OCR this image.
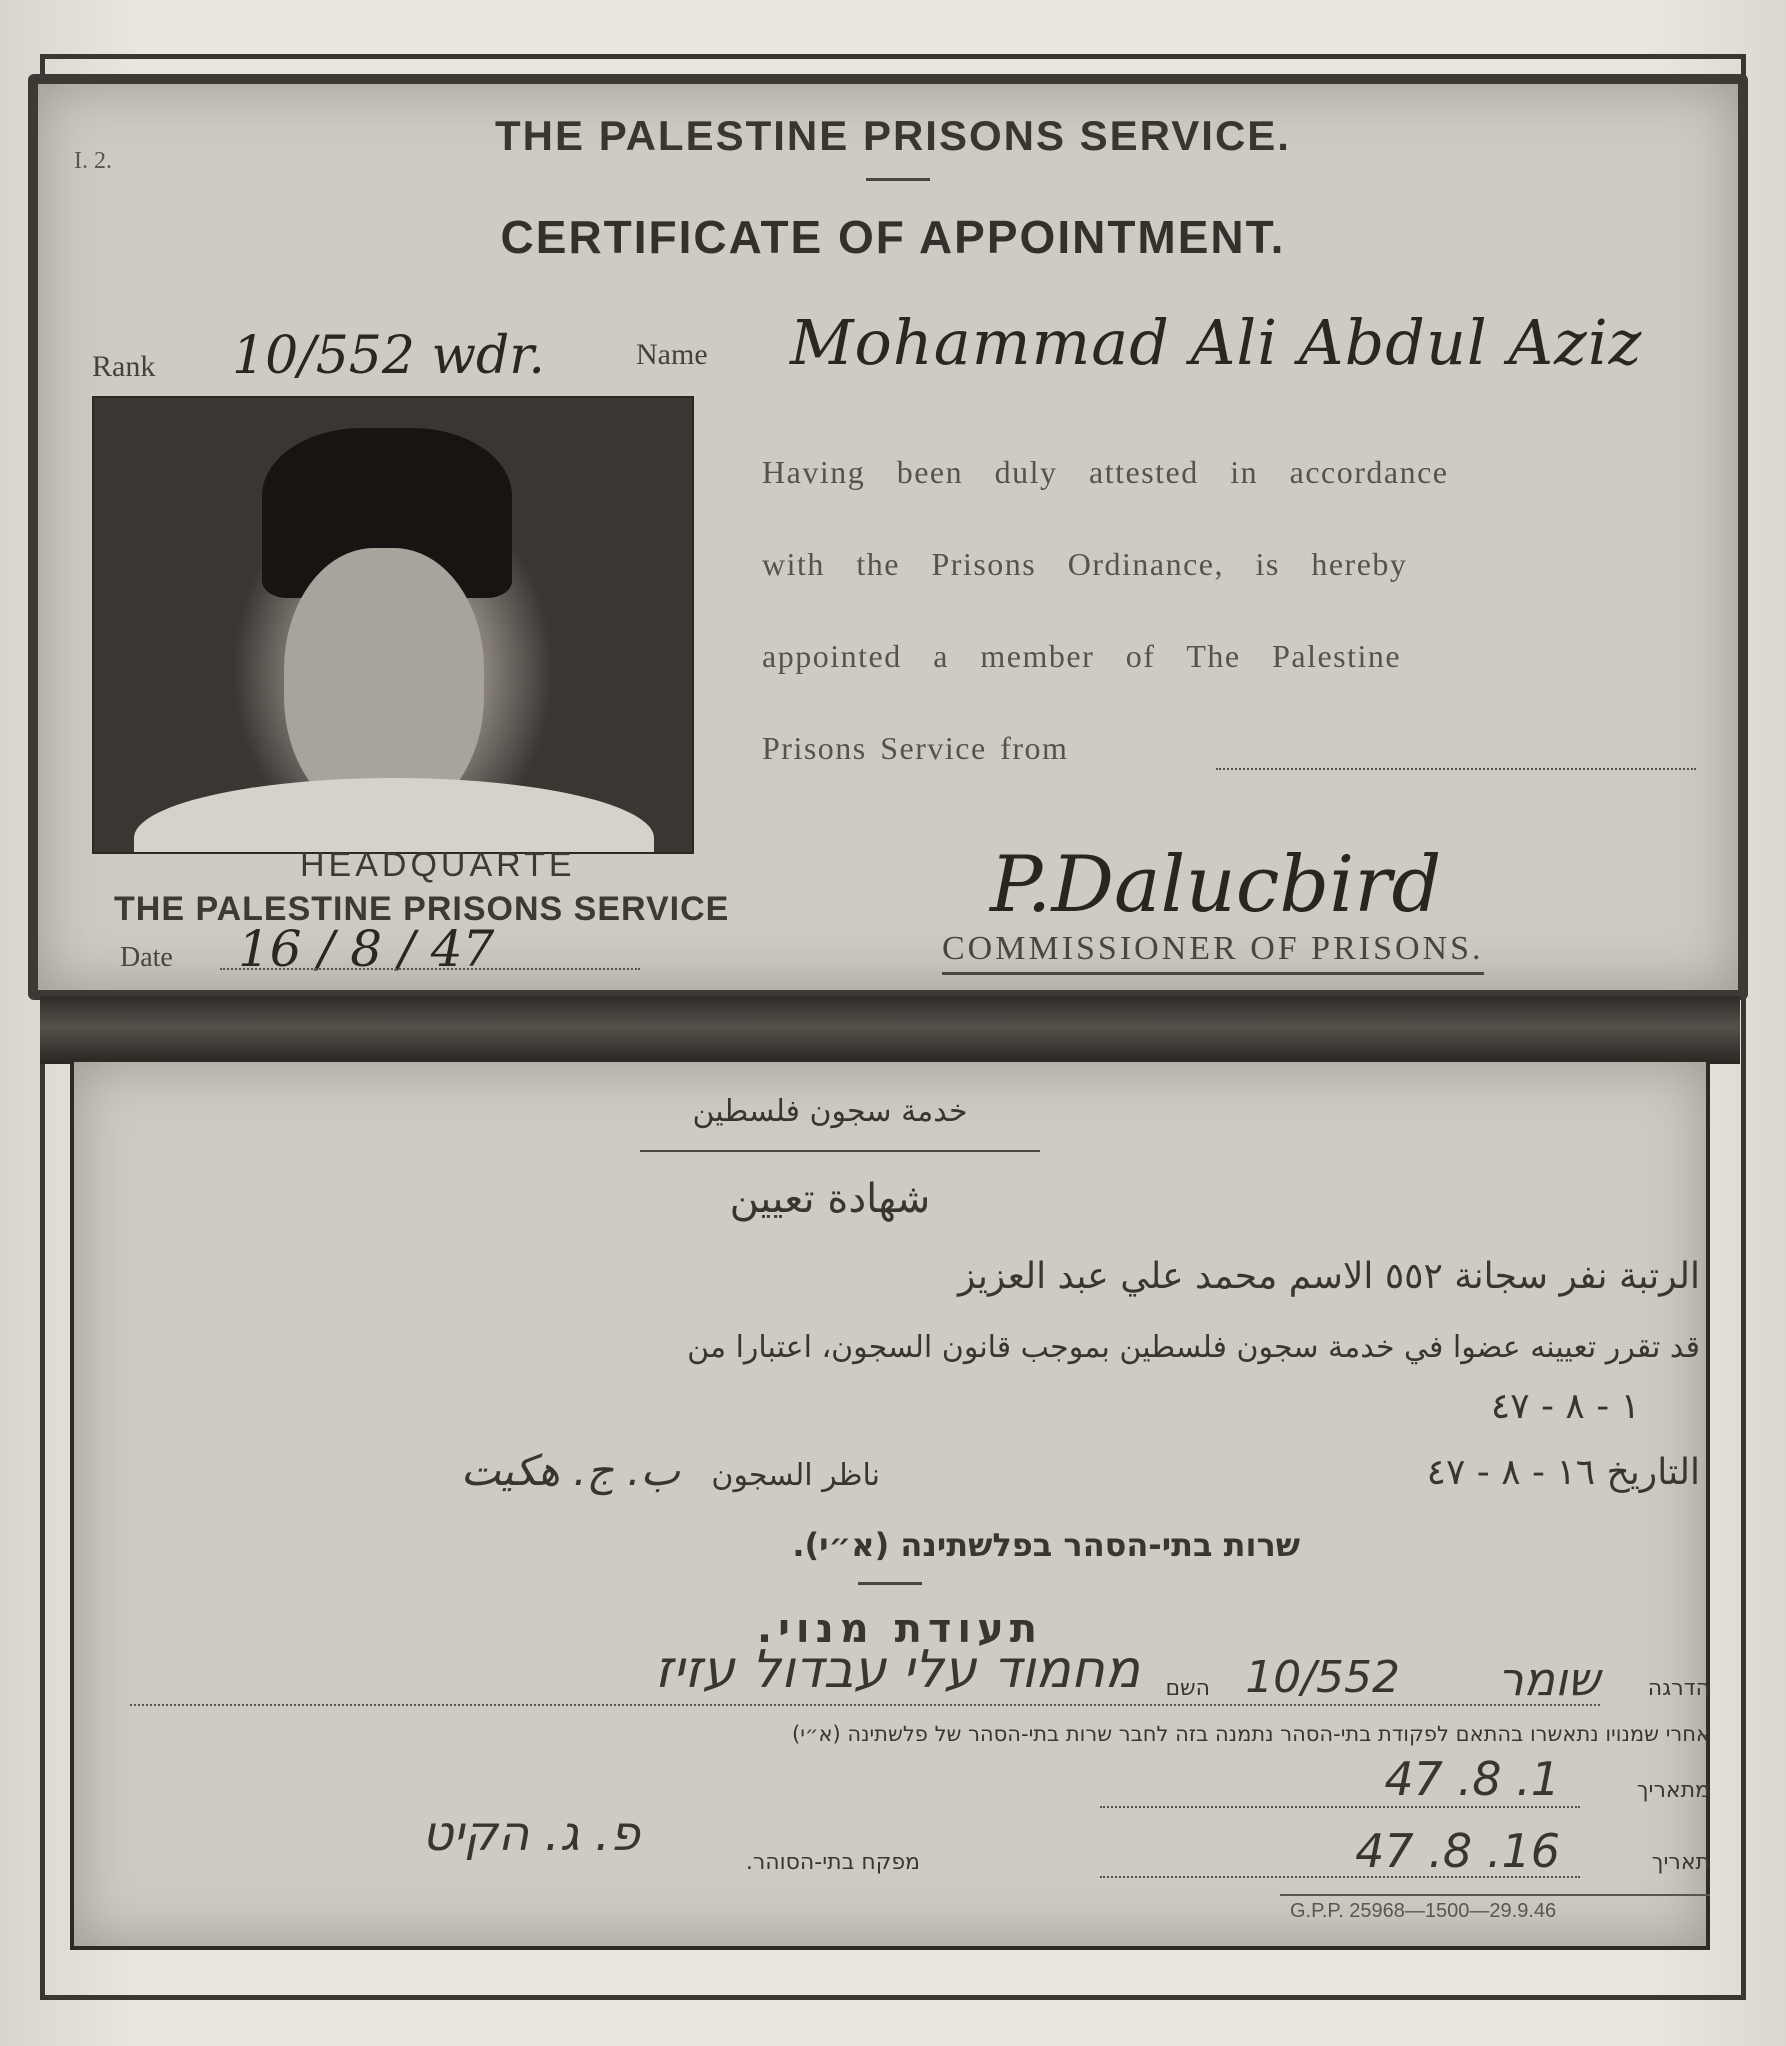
I. 2.
THE PALESTINE PRISONS SERVICE.
CERTIFICATE OF APPOINTMENT.
Rank 10/552 wdr.	Name Mohammad Ali Abdul Aziz
Having been duly attested in accordance
with the Prisons Ordinance, is hereby
appointed a member of The Palestine
Prisons Service from
HEADQUARTE
THE PALESTINE PRISONS SERVICE
Date 16 / 8 / 47
P.Dalucbird
COMMISSIONER OF PRISONS.
خدمة سجون فلسطين
شهادة تعيين
الرتبة نفر سجانة ٥٥٢ الاسم محمد علي عبد العزيز
قد تقرر تعيينه عضوا في خدمة سجون فلسطين بموجب قانون السجون، اعتبارا من
١ - ٨ - ٤٧
التاريخ ١٦ - ٨ - ٤٧
ناظر السجون
ب. ج. هكيت
שרות בתי-הסהר בפלשתינה (א״י).
תעודת מנוי.
הדרגה
שומר
10/552
השם
מחמוד עלי עבדול עזיז
אחרי שמנויו נתאשרו בהתאם לפקודת בתי-הסהר נתמנה בזה לחבר שרות בתי-הסהר של פלשתינה (א״י)
מתאריך
1. 8. 47
תאריך
16. 8. 47
מפקח בתי-הסוהר.
פ. ג. הקיט
G.P.P. 25968—1500—29.9.46
